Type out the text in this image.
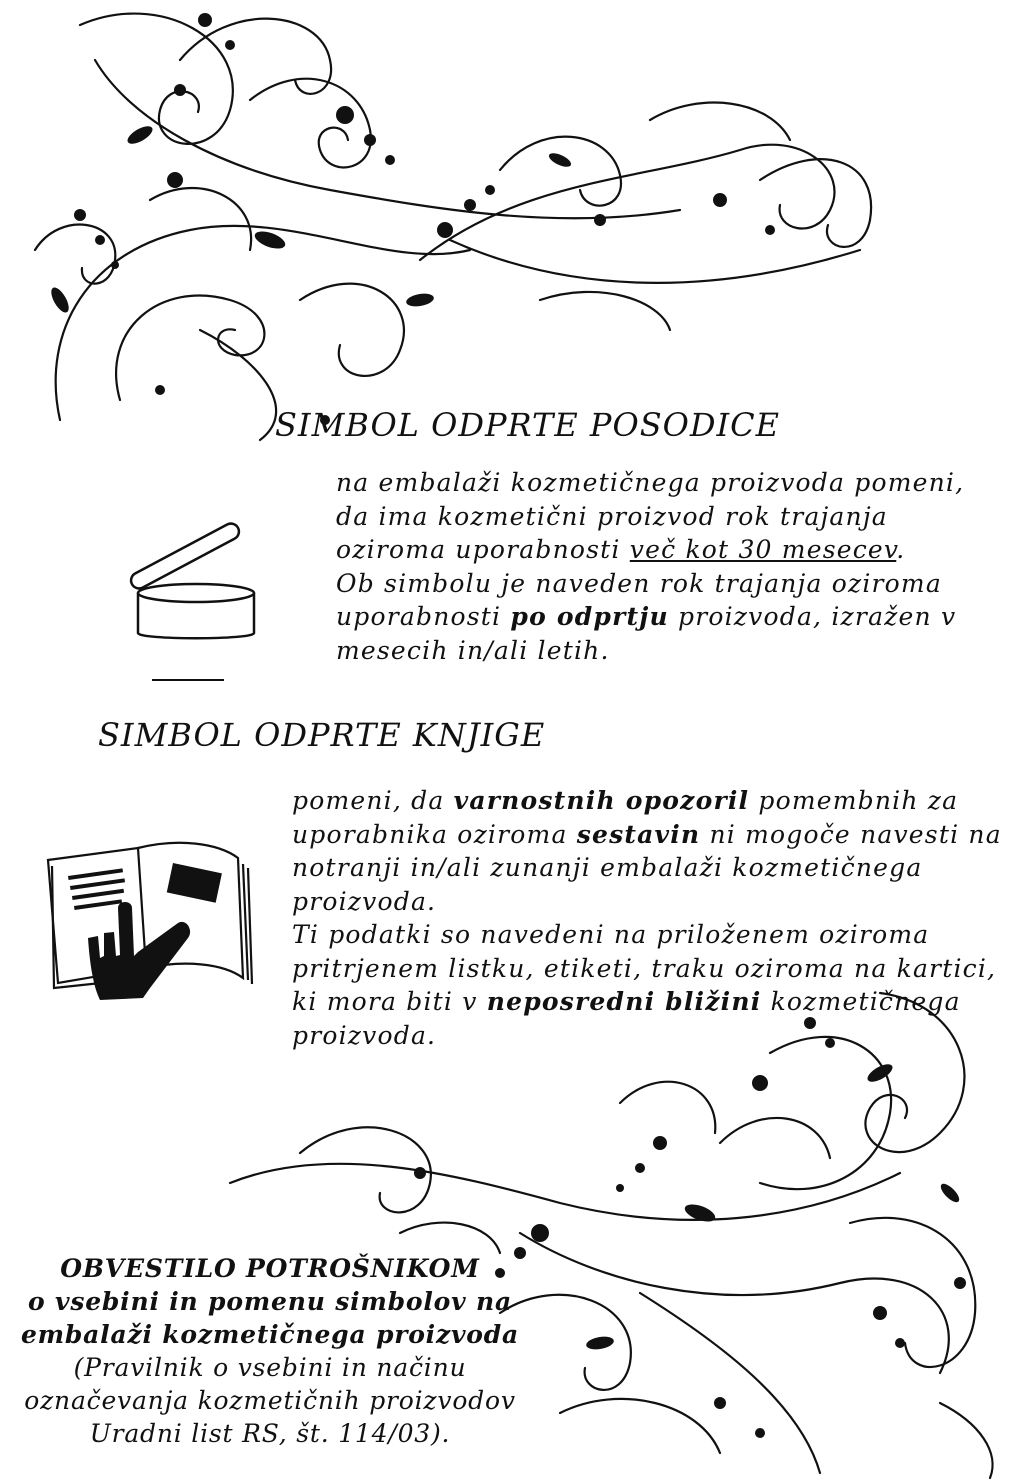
SIMBOL ODPRTE POSODICE
na embalaži kozmetičnega proizvoda pomeni, da ima kozmetični proizvod rok trajanja oziroma uporabnosti več kot 30 mesecev.
Ob simbolu je naveden rok trajanja oziroma uporabnosti po odprtju proizvoda, izražen v mesecih in/ali letih.
SIMBOL ODPRTE KNJIGE
pomeni, da varnostnih opozoril pomembnih za uporabnika oziroma sestavin ni mogoče navesti na notranji in/ali zunanji embalaži kozmetičnega proizvoda.
Ti podatki so navedeni na priloženem oziroma pritrjenem listku, etiketi, traku oziroma na kartici, ki mora biti v neposredni bližini kozmetičnega proizvoda.
OBVESTILO POTROŠNIKOM
o vsebini in pomenu simbolov na embalaži kozmetičnega proizvoda
(Pravilnik o vsebini in načinu označevanja kozmetičnih proizvodov Uradni list RS, št. 114/03).
